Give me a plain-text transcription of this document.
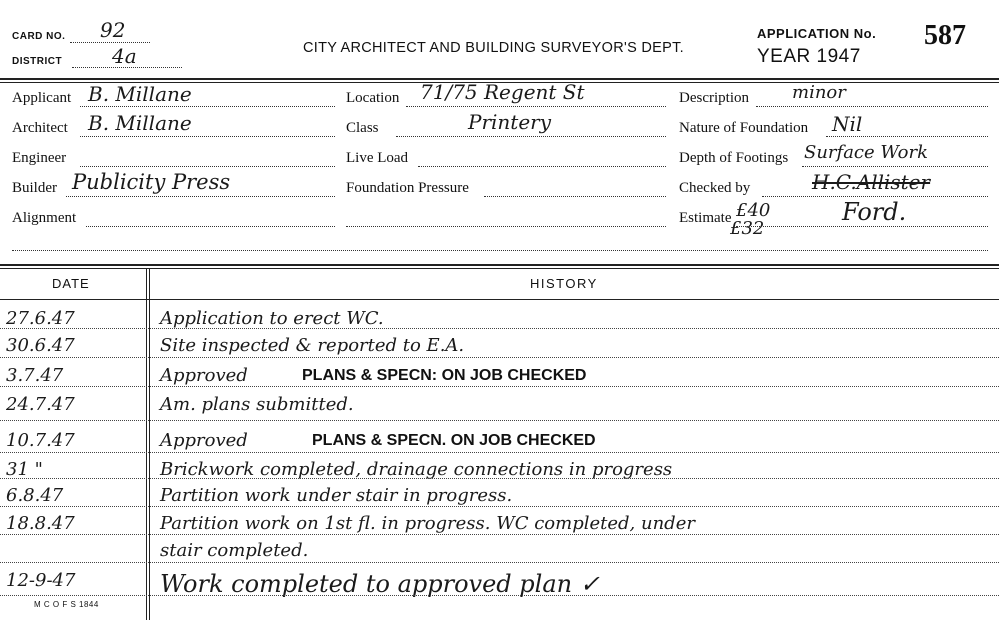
CARD NO. 92
DISTRICT 4a	CITY ARCHITECT AND BUILDING SURVEYOR'S DEPT.
APPLICATION No. 587
YEAR 1947
Applicant B. Millane
Architect B. Millane
Engineer
Builder Publicity Press
Alignment
Location 71/75 Regent St
Class	Printery
Live Load
Foundation Pressure
Description minor
Nature of Foundation Nil
Depth of Footings Surface Work
Checked by	H.C.Allister
Estimate £40
£32
Ford.
DATE	HISTORY
27.6.47	Application to erect WC.
30.6.47	Site inspected & reported to E.A.
3.7.47	Approved	PLANS & SPECN: ON JOB CHECKED
24.7.47	Am. plans submitted.
10.7.47	Approved	PLANS & SPECN. ON JOB CHECKED
31 "	Brickwork completed, drainage connections in progress
6.8.47	Partition work under stair in progress.
18.8.47	Partition work on 1st fl. in progress. WC completed, under
stair completed.
12-9-47	Work completed to approved plan ✓
M C O F S 1844
